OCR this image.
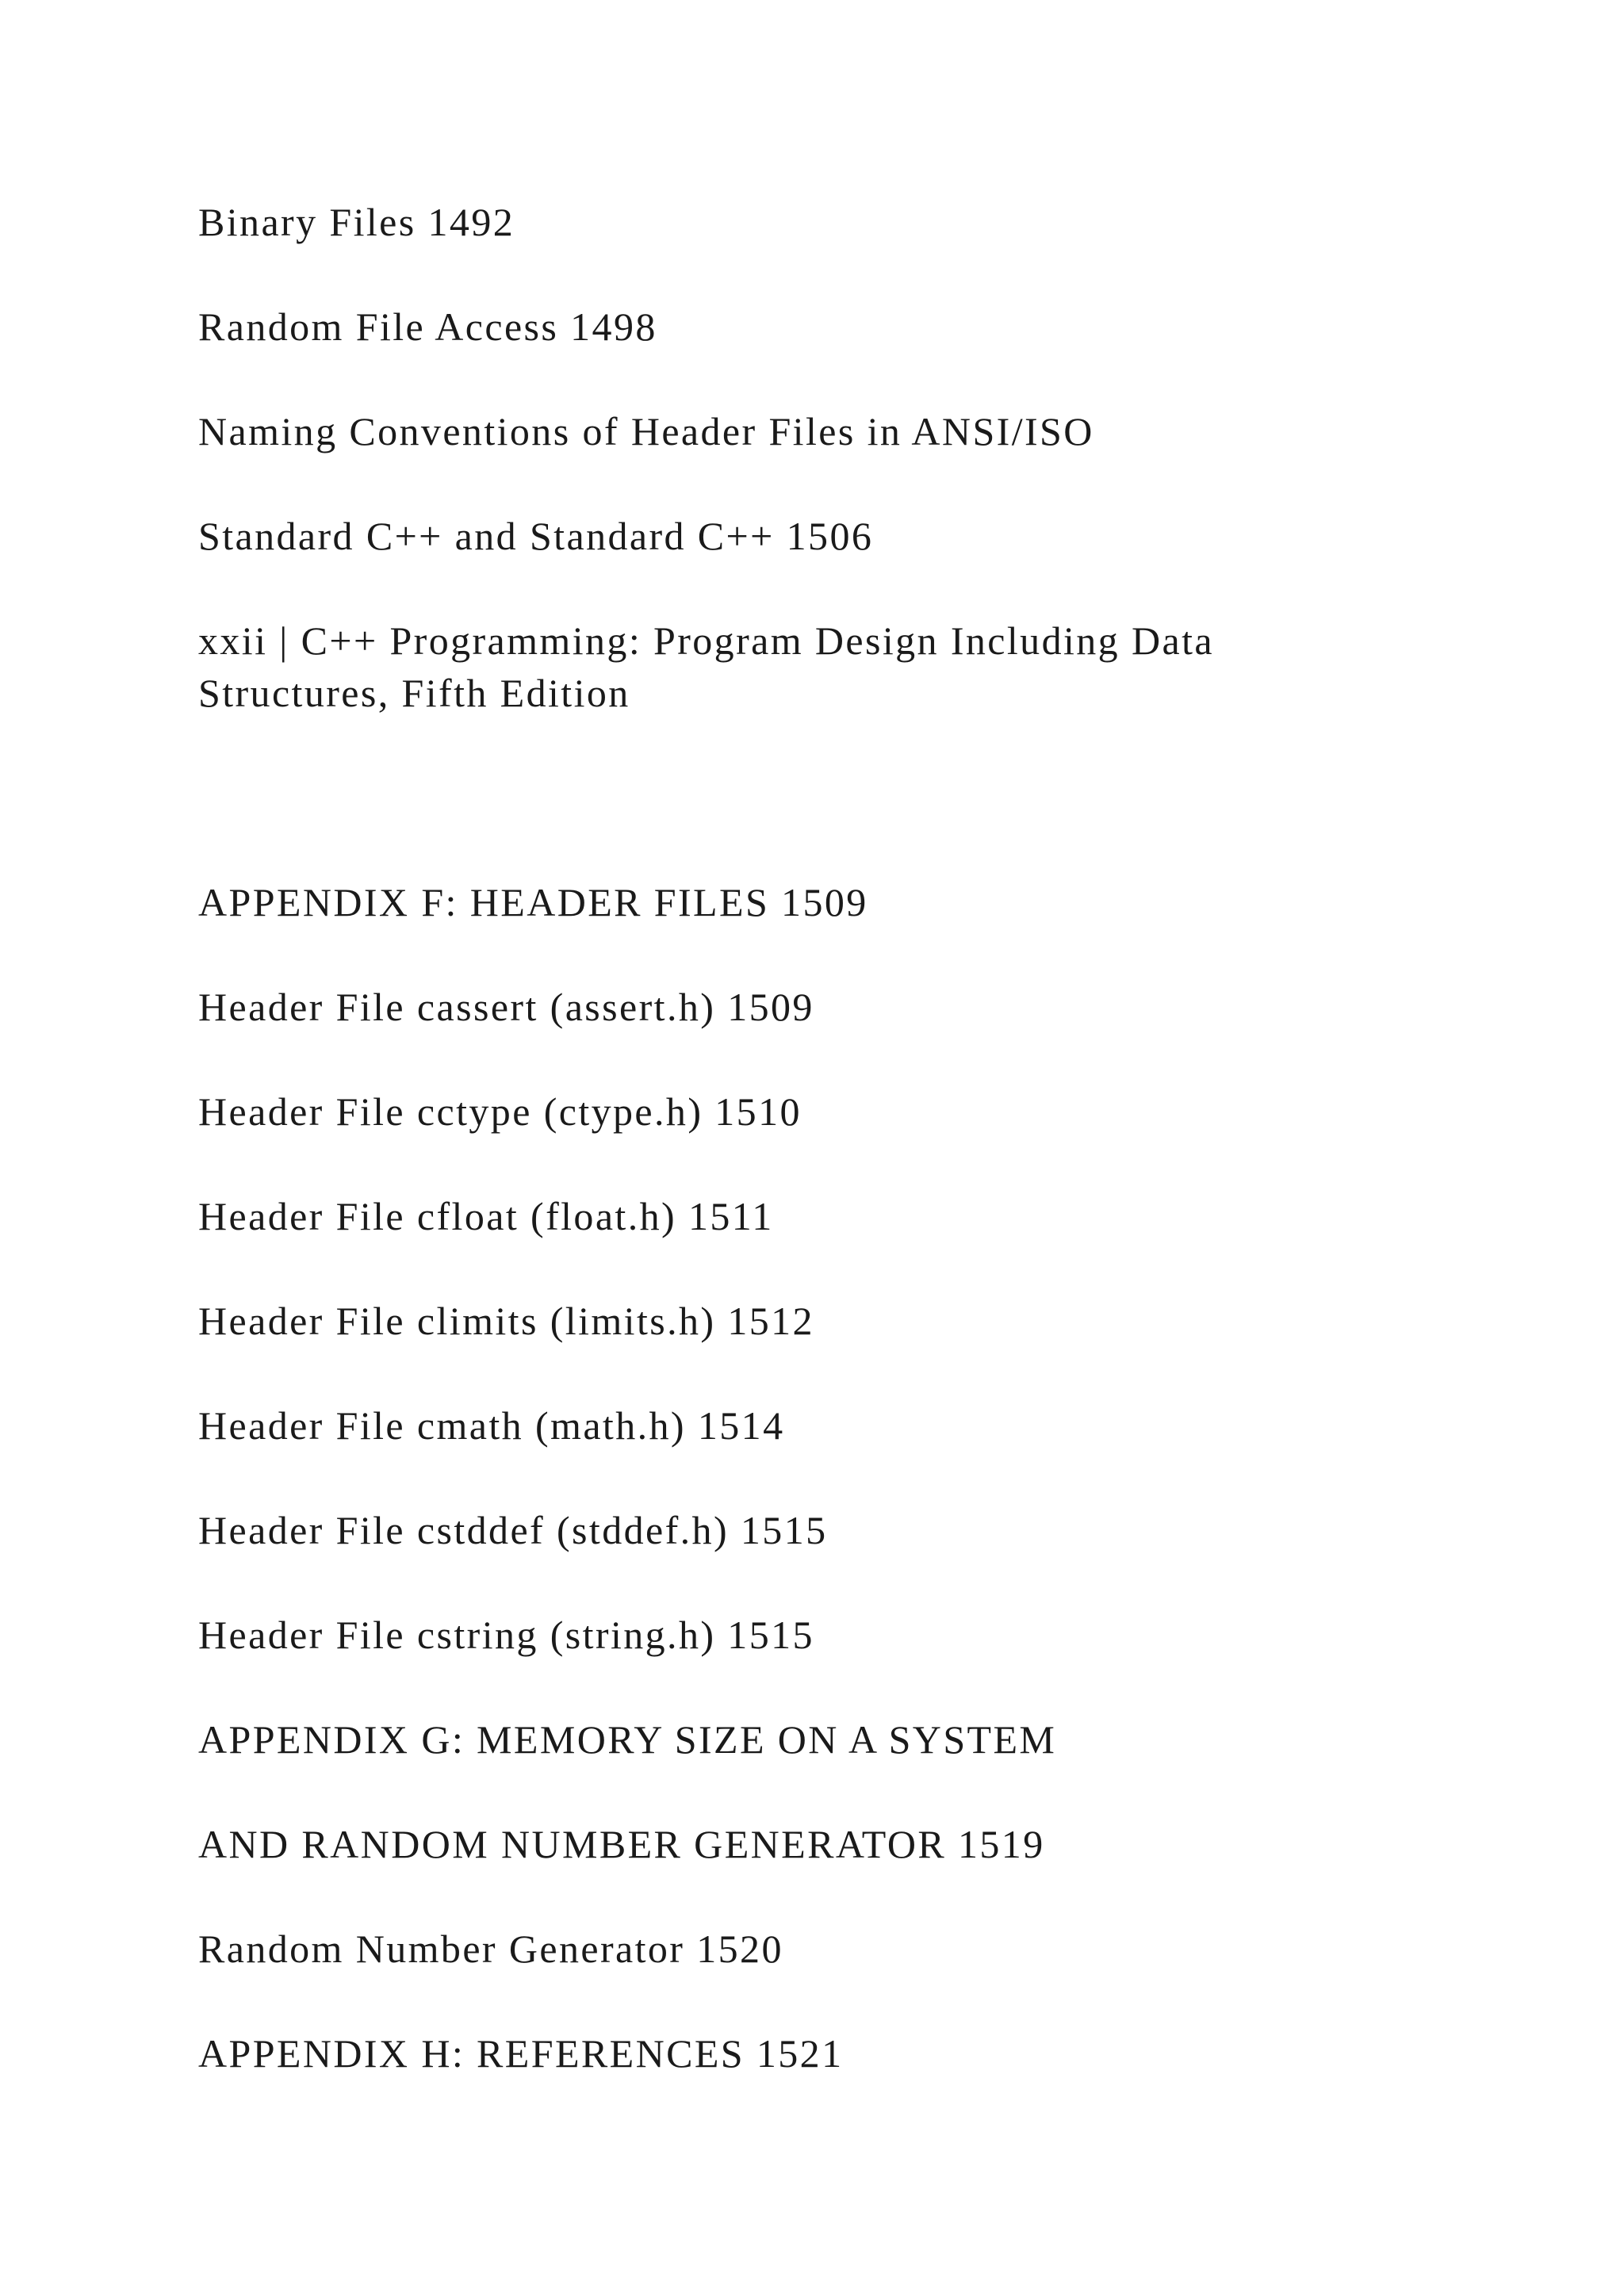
Binary Files 1492
Random File Access 1498
Naming Conventions of Header Files in ANSI/ISO
Standard C++ and Standard C++ 1506
xxii | C++ Programming: Program Design Including Data
Structures, Fifth Edition
APPENDIX F: HEADER FILES 1509
Header File cassert (assert.h) 1509
Header File cctype (ctype.h) 1510
Header File cfloat (float.h) 1511
Header File climits (limits.h) 1512
Header File cmath (math.h) 1514
Header File cstddef (stddef.h) 1515
Header File cstring (string.h) 1515
APPENDIX G: MEMORY SIZE ON A SYSTEM
AND RANDOM NUMBER GENERATOR 1519
Random Number Generator 1520
APPENDIX H: REFERENCES 1521
